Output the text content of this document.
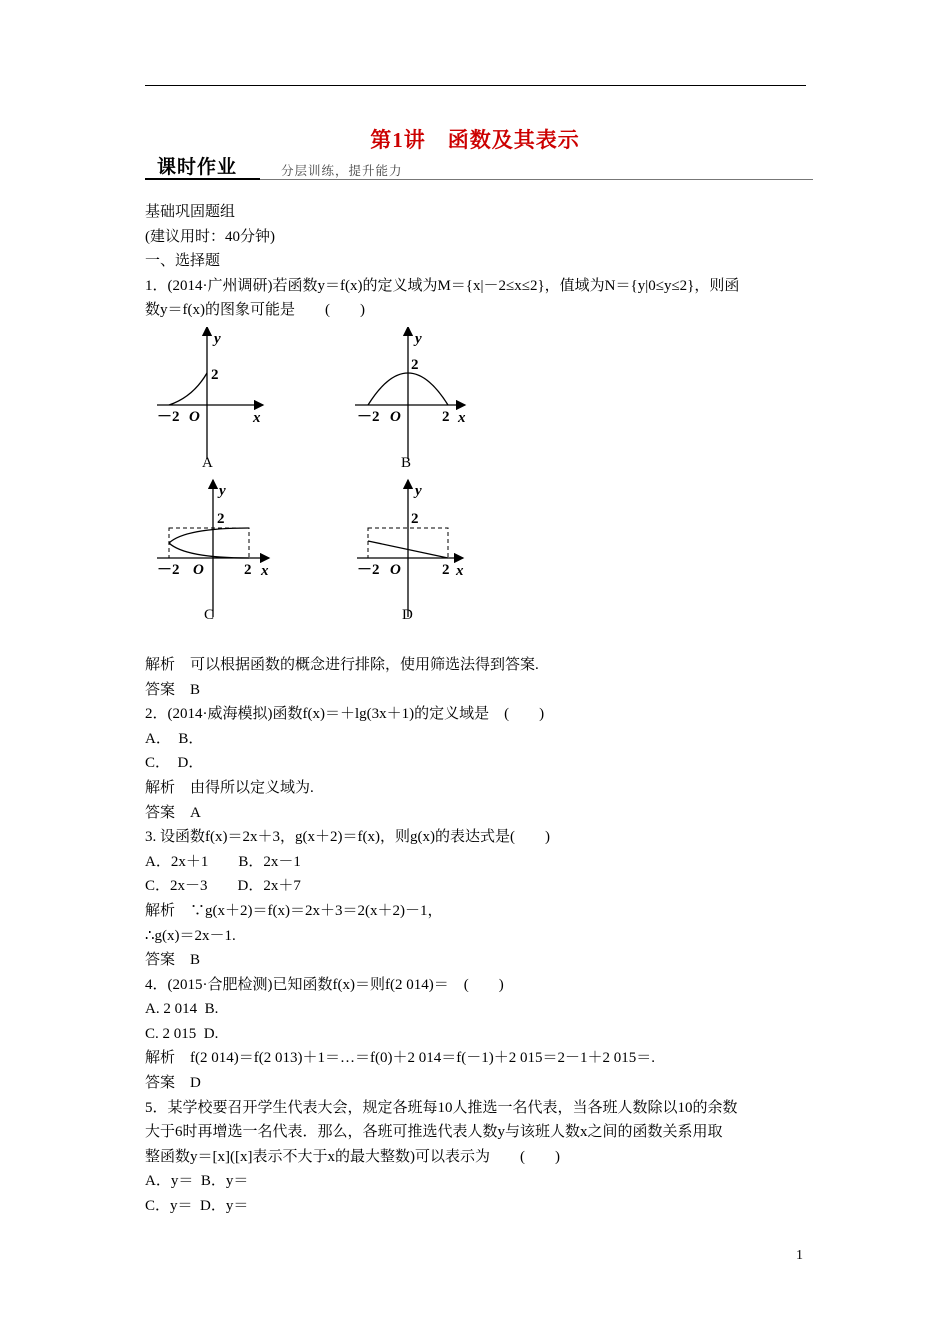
第1讲　函数及其表示
课时作业	分层训练，提升能力
基础巩固题组
(建议用时：40分钟)
一、选择题
1．(2014·广州调研)若函数y＝f(x)的定义域为M＝{x|－2≤x≤2}，值域为N＝{y|0≤y≤2}，则函
数y＝f(x)的图象可能是　　(　　)
y
x
2
－2 O
A
y
x
2
－2 O	2
B
y
x
2
－2 O	2
C
y
x
2
－2 O	2
D
解析　可以根据函数的概念进行排除，使用筛选法得到答案.
答案　B
2．(2014·威海模拟)函数f(x)＝＋lg(3x＋1)的定义域是　(　　)
A．  B．
C．  D．
解析　由得所以定义域为.
答案　A
3. 设函数f(x)＝2x＋3，g(x＋2)＝f(x)，则g(x)的表达式是(　　)
A．2x＋1　　B．2x－1
C．2x－3　　D．2x＋7
解析　∵g(x＋2)＝f(x)＝2x＋3＝2(x＋2)－1，
∴g(x)＝2x－1.
答案　B
4．(2015·合肥检测)已知函数f(x)＝则f(2 014)＝　(　　)
A. 2 014  B.
C. 2 015  D.
解析　f(2 014)＝f(2 013)＋1＝…＝f(0)＋2 014＝f(－1)＋2 015＝2－1＋2 015＝.
答案　D
5．某学校要召开学生代表大会，规定各班每10人推选一名代表，当各班人数除以10的余数
大于6时再增选一名代表．那么，各班可推选代表人数y与该班人数x之间的函数关系用取
整函数y＝[x]([x]表示不大于x的最大整数)可以表示为　　(　　)
A．y＝  B．y＝
C．y＝  D．y＝
1
